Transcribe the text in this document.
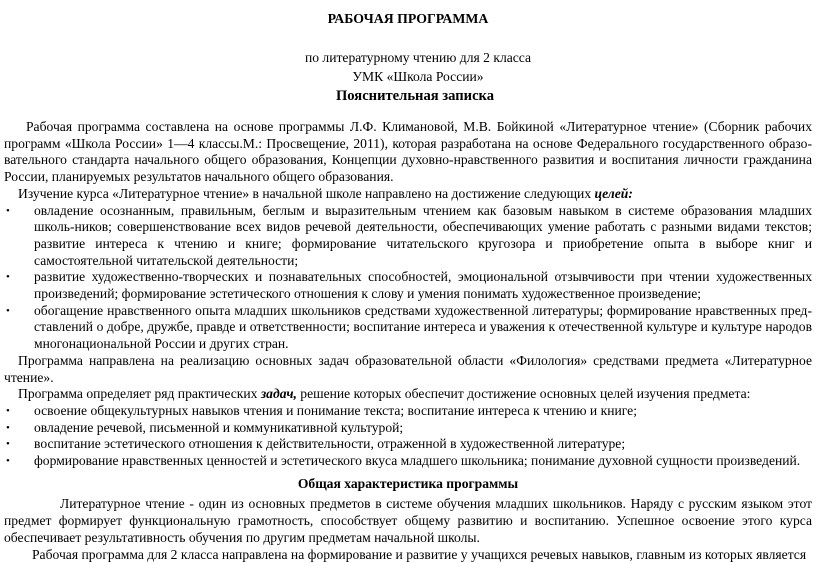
РАБОЧАЯ ПРОГРАММА
по литературному чтению для 2 класса
УМК «Школа России»
Пояснительная записка

Рабочая программа составлена на основе программы Л.Ф. Климановой, М.В. Бойкиной «Литературное чтение» (Сборник рабочих программ «Школа России» 1—4 классы.М.: Просвещение, 2011), которая разработана на основе Федерального государственного образо-вательного стандарта начального общего образования, Концепции духовно-нравственного развития и воспитания личности гражданина России, планируемых результатов начального общего образования.

Изучение курса «Литературное чтение» в начальной школе направлено на достижение следующих целей:

• овладение осознанным, правильным, беглым и выразительным чтением как базовым навыком в системе образования младших школь-ников; совершенствование всех видов речевой деятельности, обеспечивающих умение работать с разными видами текстов; развитие интереса к чтению и книге; формирование читательского кругозора и приобретение опыта в выборе книг и самостоятельной читательской деятельности;
• развитие художественно-творческих и познавательных способностей, эмоциональной отзывчивости при чтении художественных произведений; формирование эстетического отношения к слову и умения понимать художественное произведение;
• обогащение нравственного опыта младших школьников средствами художественной литературы; формирование нравственных пред-ставлений о добре, дружбе, правде и ответственности; воспитание интереса и уважения к отечественной культуре и культуре народов многонациональной России и других стран.

Программа направлена на реализацию основных задач образовательной области «Филология» средствами предмета «Литературное чтение».

Программа определяет ряд практических задач, решение которых обеспечит достижение основных целей изучения предмета:

• освоение общекультурных навыков чтения и понимание текста; воспитание интереса к чтению и книге;
• овладение речевой, письменной и коммуникативной культурой;
• воспитание эстетического отношения к действительности, отраженной в художественной литературе;
• формирование нравственных ценностей и эстетического вкуса младшего школьника; понимание духовной сущности произведений.
Общая характеристика программы

Литературное чтение - один из основных предметов в системе обучения младших школьников. Наряду с русским языком этот предмет формирует функциональную грамотность, способствует общему развитию и воспитанию. Успешное освоение этого курса обеспечивает результативность обучения по другим предметам начальной школы.

Рабочая программа для 2 класса направлена на формирование и развитие у учащихся речевых навыков, главным из которых является
